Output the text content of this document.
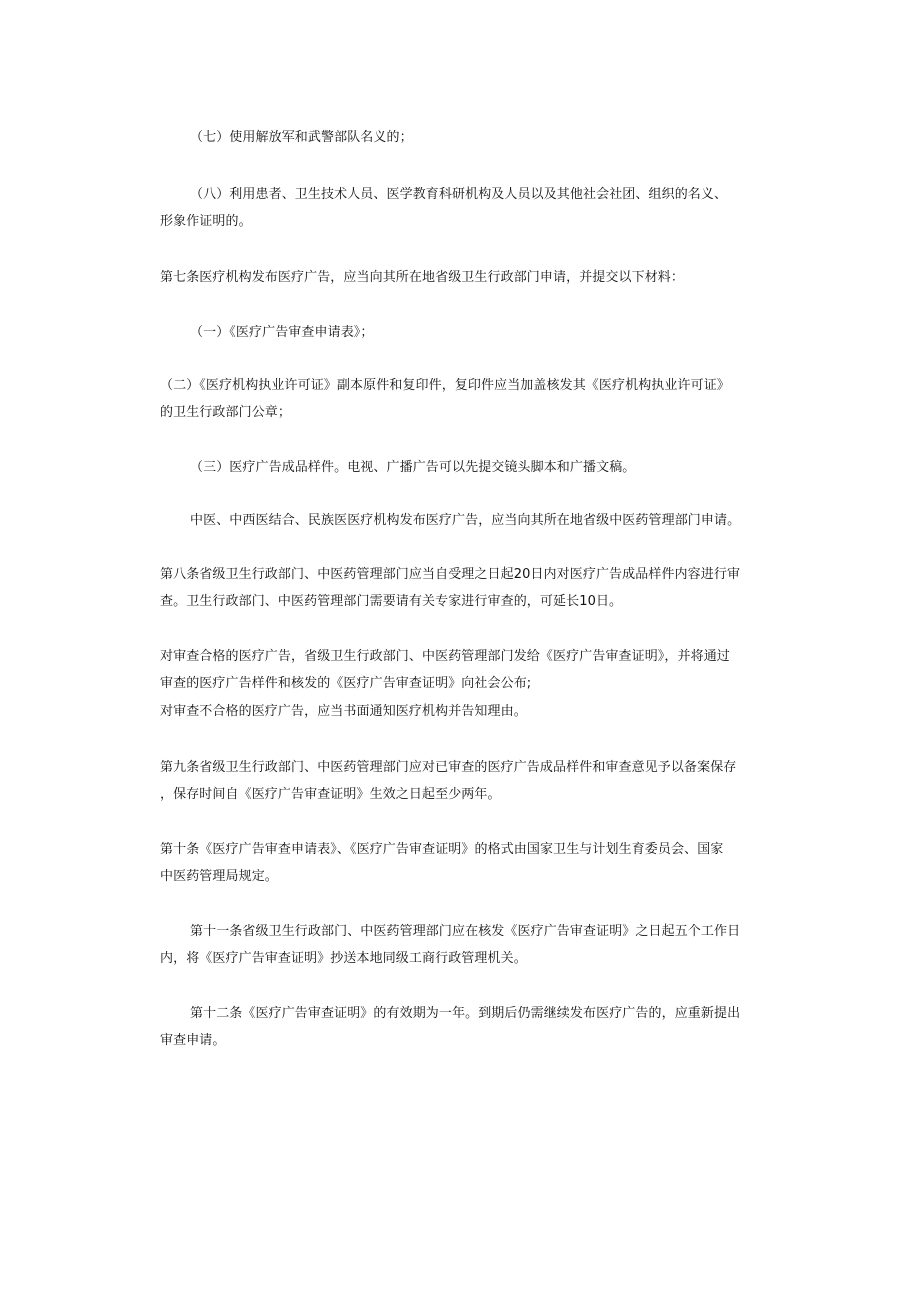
（七）使用解放军和武警部队名义的；
（八）利用患者、卫生技术人员、医学教育科研机构及人员以及其他社会社团、组织的名义、
形象作证明的。
第七条医疗机构发布医疗广告，应当向其所在地省级卫生行政部门申请，并提交以下材料：
（一）《医疗广告审查申请表》；
（二）《医疗机构执业许可证》副本原件和复印件，复印件应当加盖核发其《医疗机构执业许可证》
的卫生行政部门公章；
（三）医疗广告成品样件。电视、广播广告可以先提交镜头脚本和广播文稿。
中医、中西医结合、民族医医疗机构发布医疗广告，应当向其所在地省级中医药管理部门申请。
第八条省级卫生行政部门、中医药管理部门应当自受理之日起20日内对医疗广告成品样件内容进行审
查。卫生行政部门、中医药管理部门需要请有关专家进行审查的，可延长10日。
对审查合格的医疗广告，省级卫生行政部门、中医药管理部门发给《医疗广告审查证明》，并将通过
审查的医疗广告样件和核发的《医疗广告审查证明》向社会公布;
对审查不合格的医疗广告，应当书面通知医疗机构并告知理由。
第九条省级卫生行政部门、中医药管理部门应对已审查的医疗广告成品样件和审查意见予以备案保存
，保存时间自《医疗广告审查证明》生效之日起至少两年。
第十条《医疗广告审查申请表》、《医疗广告审查证明》的格式由国家卫生与计划生育委员会、国家
中医药管理局规定。
第十一条省级卫生行政部门、中医药管理部门应在核发《医疗广告审查证明》之日起五个工作日
内，将《医疗广告审查证明》抄送本地同级工商行政管理机关。
第十二条《医疗广告审查证明》的有效期为一年。到期后仍需继续发布医疗广告的，应重新提出
审查申请。
